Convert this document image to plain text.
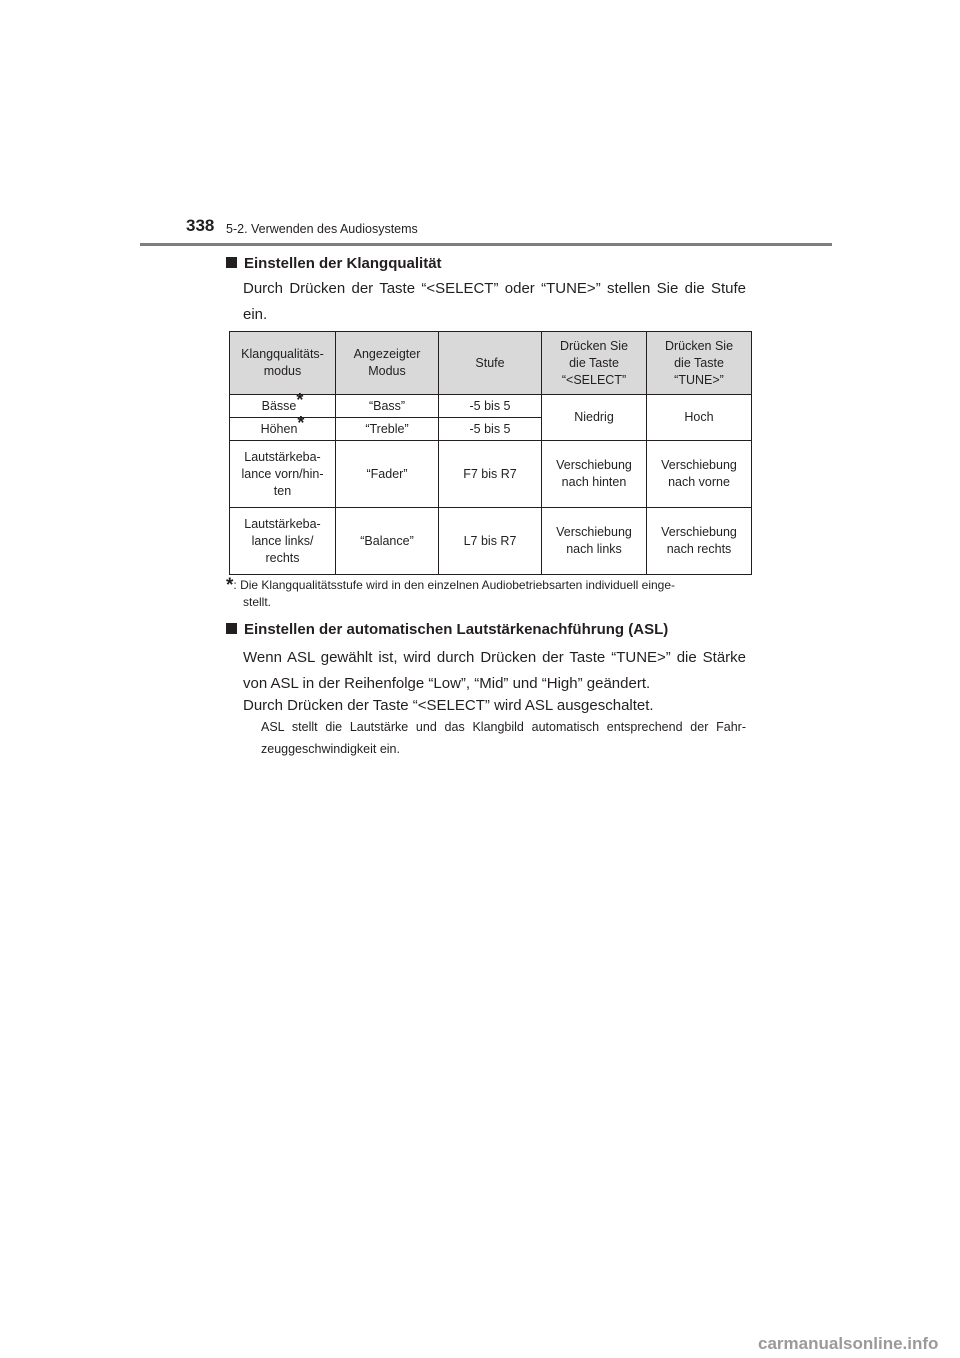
338 5-2. Verwenden des Audiosystems
Einstellen der Klangqualität
Durch Drücken der Taste “<SELECT” oder “TUNE>” stellen Sie die Stufe ein.
Klangqualitäts-
modus	Angezeigter
Modus	Stufe	Drücken Sie
die Taste
“<SELECT”	Drücken Sie
die Taste
“TUNE>”
Bässe*	“Bass”	-5 bis 5	Niedrig	Hoch
Höhen*	“Treble”	-5 bis 5		
Lautstärkeba-
lance vorn/hin-
ten	“Fader”	F7 bis R7	Verschiebung
nach hinten	Verschiebung
nach vorne
Lautstärkeba-
lance links/
rechts	“Balance”	L7 bis R7	Verschiebung
nach links	Verschiebung
nach rechts
*: Die Klangqualitätsstufe wird in den einzelnen Audiobetriebsarten individuell einge-
stellt.
Einstellen der automatischen Lautstärkenachführung (ASL)
Wenn ASL gewählt ist, wird durch Drücken der Taste “TUNE>” die Stärke von ASL in der Reihenfolge “Low”, “Mid” und “High” geändert.
Durch Drücken der Taste “<SELECT” wird ASL ausgeschaltet.
ASL stellt die Lautstärke und das Klangbild automatisch entsprechend der Fahr-zeuggeschwindigkeit ein.
carmanualsonline.info
